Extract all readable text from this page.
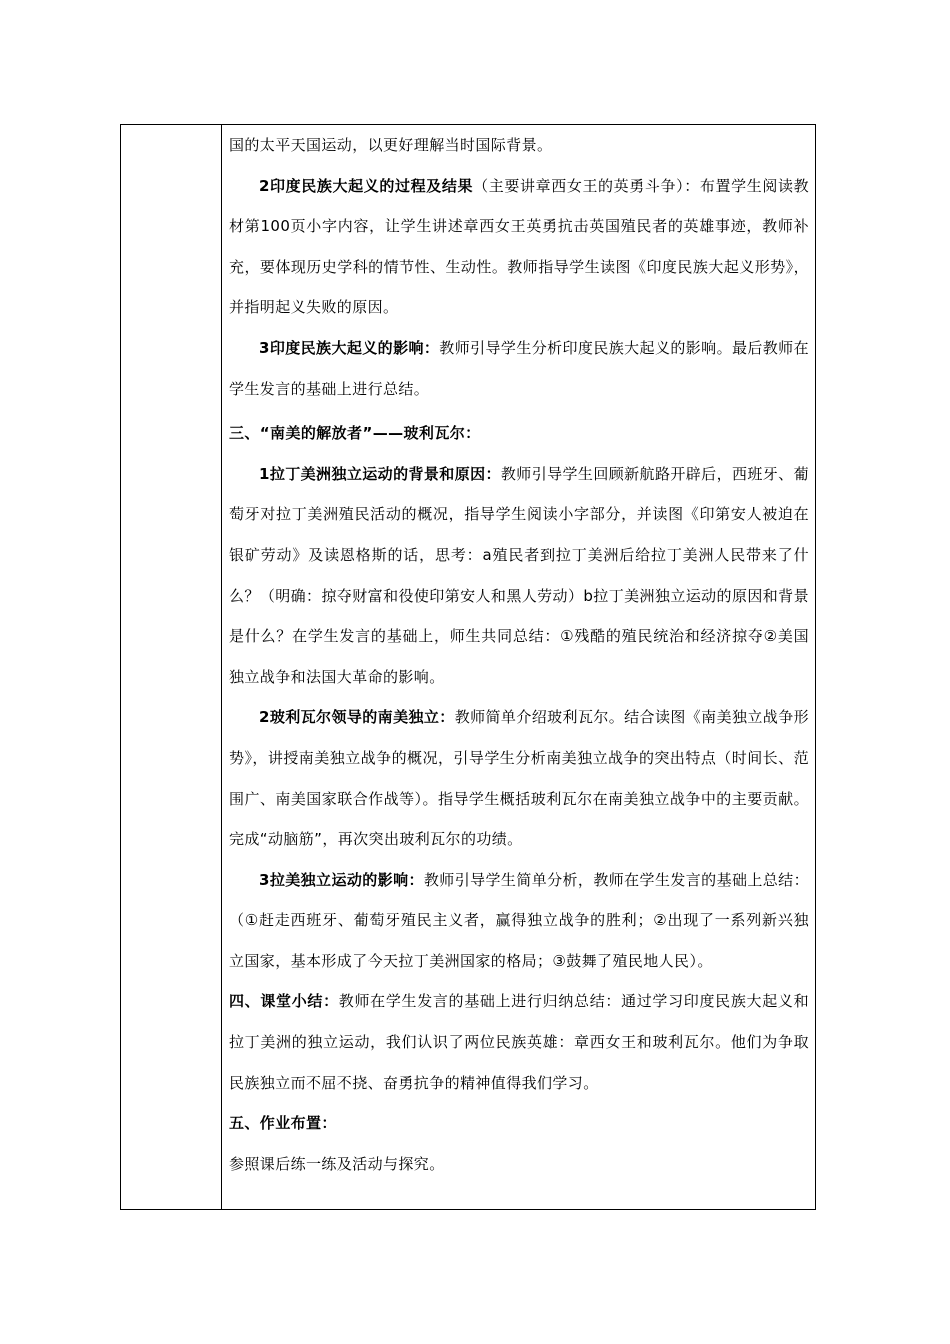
国的太平天国运动，以更好理解当时国际背景。

2印度民族大起义的过程及结果（主要讲章西女王的英勇斗争）：布置学生阅读教材第100页小字内容，让学生讲述章西女王英勇抗击英国殖民者的英雄事迹，教师补充，要体现历史学科的情节性、生动性。教师指导学生读图《印度民族大起义形势》，并指明起义失败的原因。

3印度民族大起义的影响：教师引导学生分析印度民族大起义的影响。最后教师在学生发言的基础上进行总结。

三、“南美的解放者”——玻利瓦尔：

1拉丁美洲独立运动的背景和原因：教师引导学生回顾新航路开辟后，西班牙、葡萄牙对拉丁美洲殖民活动的概况，指导学生阅读小字部分，并读图《印第安人被迫在银矿劳动》及读恩格斯的话，思考：a殖民者到拉丁美洲后给拉丁美洲人民带来了什么？（明确：掠夺财富和役使印第安人和黑人劳动）b拉丁美洲独立运动的原因和背景是什么？在学生发言的基础上，师生共同总结：①残酷的殖民统治和经济掠夺②美国独立战争和法国大革命的影响。

2玻利瓦尔领导的南美独立：教师简单介绍玻利瓦尔。结合读图《南美独立战争形势》，讲授南美独立战争的概况，引导学生分析南美独立战争的突出特点（时间长、范围广、南美国家联合作战等）。指导学生概括玻利瓦尔在南美独立战争中的主要贡献。完成“动脑筋”，再次突出玻利瓦尔的功绩。

3拉美独立运动的影响：教师引导学生简单分析，教师在学生发言的基础上总结：（①赶走西班牙、葡萄牙殖民主义者，赢得独立战争的胜利；②出现了一系列新兴独立国家，基本形成了今天拉丁美洲国家的格局；③鼓舞了殖民地人民）。

四、课堂小结：教师在学生发言的基础上进行归纳总结：通过学习印度民族大起义和拉丁美洲的独立运动，我们认识了两位民族英雄：章西女王和玻利瓦尔。他们为争取民族独立而不屈不挠、奋勇抗争的精神值得我们学习。

五、作业布置：

参照课后练一练及活动与探究。
